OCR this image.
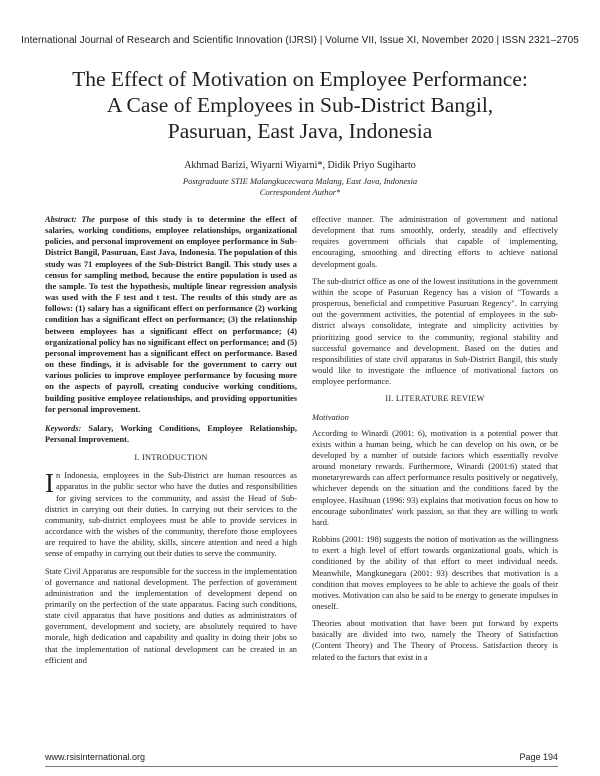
International Journal of Research and Scientific Innovation (IJRSI) | Volume VII, Issue XI, November 2020 | ISSN 2321–2705
The Effect of Motivation on Employee Performance:
A Case of Employees in Sub-District Bangil,
Pasuruan, East Java, Indonesia
Akhmad Barizi, Wiyarni Wiyarni*, Didik Priyo Sugiharto
Postgraduate STIE Malangkucecwara Malang, East Java, Indonesia
Correspondent Author*

Abstract: The purpose of this study is to determine the effect of salaries, working conditions, employee relationships, organizational policies, and personal improvement on employee performance in Sub-District Bangil, Pasuruan, East Java, Indonesia. The population of this study was 71 employees of the Sub-District Bangil. This study uses a census for sampling method, because the entire population is used as the sample. To test the hypothesis, multiple linear regression analysis was used with the F test and t test. The results of this study are as follows: (1) salary has a significant effect on performance (2) working condition has a significant effect on performance; (3) the relationship between employees has a significant effect on performance; (4) organizational policy has no significant effect on performance; and (5) personal improvement has a significant effect on performance. Based on these findings, it is advisable for the government to carry out various policies to improve employee performance by focusing more on the aspects of payroll, creating conducive working conditions, building positive employee relationships, and providing opportunities for personal improvement.

Keywords: Salary, Working Conditions, Employee Relationship, Personal Improvement.

I. INTRODUCTION

In Indonesia, employees in the Sub-District are human resources as apparatus in the public sector who have the duties and responsibilities for giving services to the community, and assist the Head of Sub-district in carrying out their duties. In carrying out their services to the community, sub-district employees must be able to provide services in accordance with the wishes of the community, therefore those employees are required to have the ability, skills, sincere attention and need a high sense of empathy in carrying out their duties to serve the community.

State Civil Apparatus are responsible for the success in the implementation of governance and national development. The perfection of government administration and the implementation of development depend on primarily on the perfection of the state apparatus. Facing such conditions, state civil apparatus that have positions and duties as administrators of government, development and society, are absolutely required to have morale, high dedication and capability and quality in doing their jobs so that the implementation of national development can be created in an efficient and

effective manner. The administration of government and national development that runs smoothly, orderly, steadily and effectively requires government officials that capable of implementing, encouraging, smoothing and directing efforts to achieve national development goals.

The sub-district office as one of the lowest institutions in the government within the scope of Pasuruan Regency has a vision of "Towards a prosperous, beneficial and competitive Pasuruan Regency". In carrying out the government activities, the potential of employees in the sub-district always consolidate, integrate and simplicity activities by prioritizing good service to the community, regional stability and successful governance and development. Based on the duties and responsibilities of state civil apparatus in Sub-District Bangil, this study would like to investigate the influence of motivational factors on employee performance.

II. LITERATURE REVIEW
Motivation

According to Winardi (2001: 6), motivation is a potential power that exists within a human being, which he can develop on his own, or be developed by a number of outside factors which essentially revolve around monetary rewards. Furthermore, Winardi (2001:6) stated that monetaryrewards can affect performance results positively or negatively, whichever depends on the situation and the conditions faced by the employee. Hasibuan (1996: 93) explains that motivation focus on how to encourage subordinates' work passion, so that they are willing to work hard.

Robbins (2001: 198) suggests the notion of motivation as the willingness to exert a high level of effort towards organizational goals, which is conditioned by the ability of that effort to meet individual needs. Meanwhile, Mangkunegara (2001: 93) describes that motivation is a condition that moves employees to be able to achieve the goals of their motives. Motivation can also be said to be energy to generate impulses in oneself.

Theories about motivation that have been put forward by experts basically are divided into two, namely the Theory of Satisfaction (Content Theory) and The Theory of Process. Satisfaction theory is related to the factors that exist in a

www.rsisinternational.org	Page 194
